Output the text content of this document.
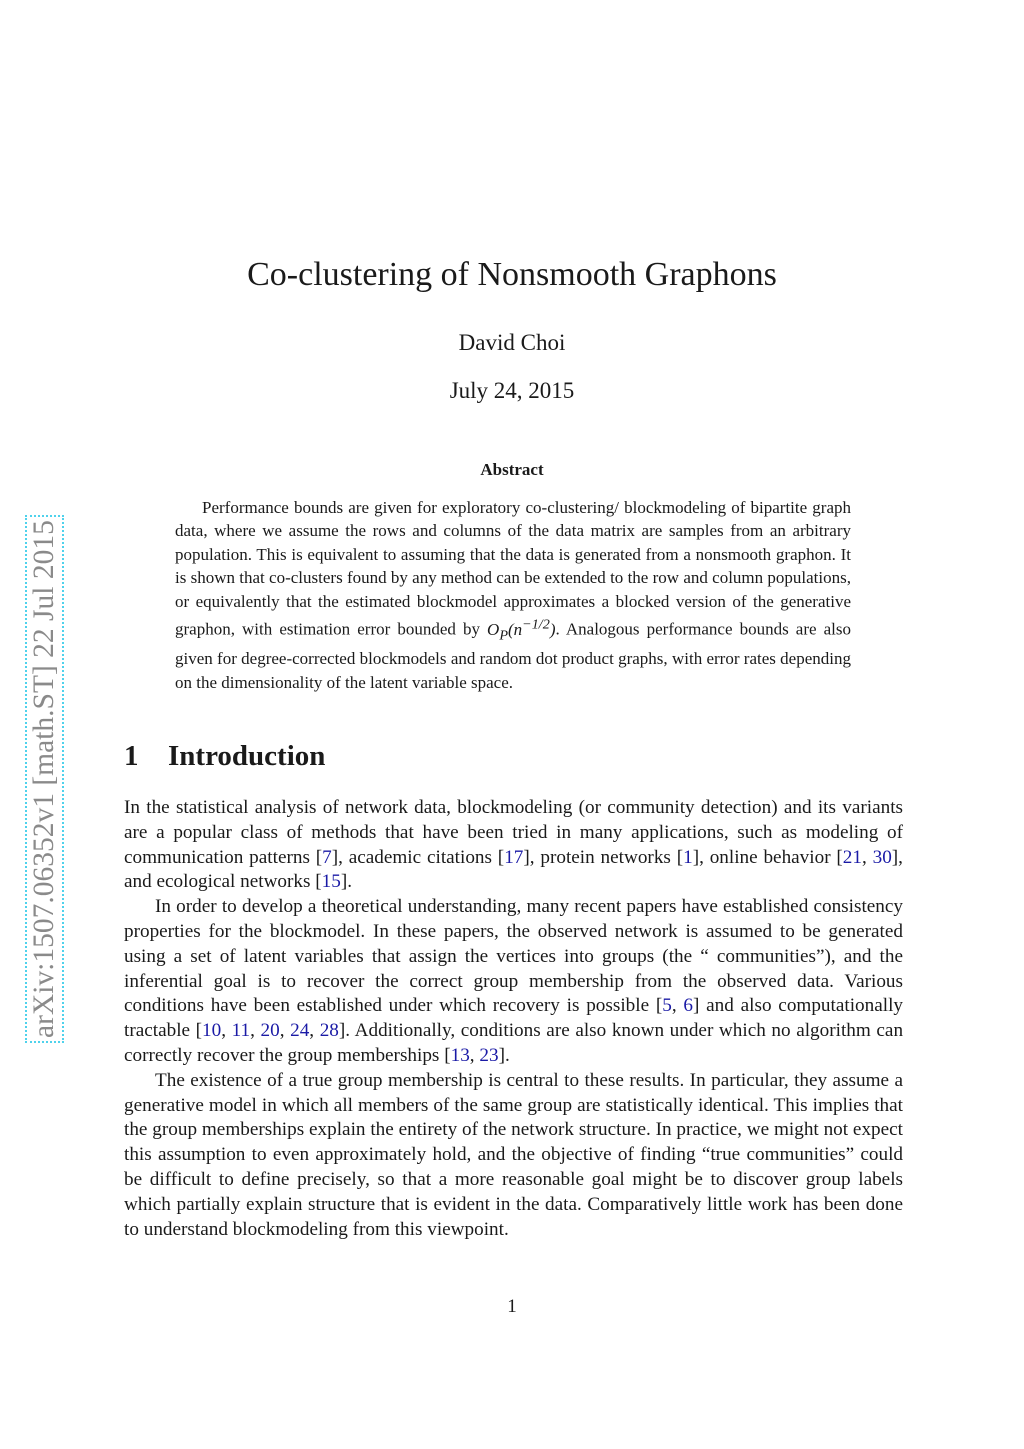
arXiv:1507.06352v1 [math.ST] 22 Jul 2015
Co-clustering of Nonsmooth Graphons
David Choi
July 24, 2015
Abstract

Performance bounds are given for exploratory co-clustering/ blockmodeling of bipartite graph data, where we assume the rows and columns of the data matrix are samples from an arbitrary population. This is equivalent to assuming that the data is generated from a nonsmooth graphon. It is shown that co-clusters found by any method can be extended to the row and column populations, or equivalently that the estimated blockmodel approximates a blocked version of the generative graphon, with estimation error bounded by $O_P(n^{-1/2})$. Analogous performance bounds are also given for degree-corrected blockmodels and random dot product graphs, with error rates depending on the dimensionality of the latent variable space.

1 Introduction

In the statistical analysis of network data, blockmodeling (or community detection) and its variants are a popular class of methods that have been tried in many applications, such as modeling of communication patterns [7], academic citations [17], protein networks [1], online behavior [21, 30], and ecological networks [15].

In order to develop a theoretical understanding, many recent papers have established consistency properties for the blockmodel. In these papers, the observed network is assumed to be generated using a set of latent variables that assign the vertices into groups (the “ communities”), and the inferential goal is to recover the correct group membership from the observed data. Various conditions have been established under which recovery is possible [5, 6] and also computationally tractable [10, 11, 20, 24, 28]. Additionally, conditions are also known under which no algorithm can correctly recover the group memberships [13, 23].

The existence of a true group membership is central to these results. In particular, they assume a generative model in which all members of the same group are statistically identical. This implies that the group memberships explain the entirety of the network structure. In practice, we might not expect this assumption to even approximately hold, and the objective of finding “true communities” could be difficult to define precisely, so that a more reasonable goal might be to discover group labels which partially explain structure that is evident in the data. Comparatively little work has been done to understand blockmodeling from this viewpoint.

1
